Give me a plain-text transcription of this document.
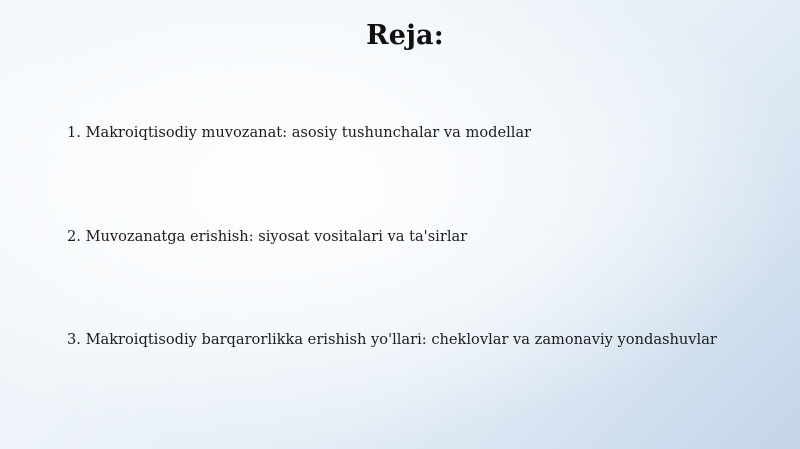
Reja:
1. Makroiqtisodiy muvozanat: asosiy tushunchalar va modellar
2. Muvozanatga erishish: siyosat vositalari va ta'sirlar
3. Makroiqtisodiy barqarorlikka erishish yo'llari: cheklovlar va zamonaviy yondashuvlar
